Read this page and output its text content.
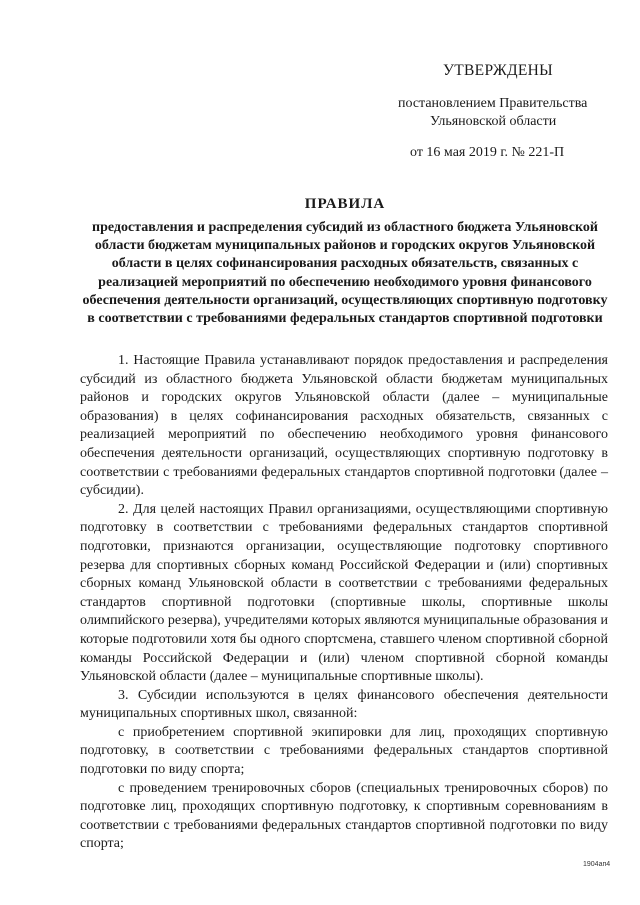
УТВЕРЖДЕНЫ
постановлением Правительства
Ульяновской области
от 16 мая 2019 г. № 221-П
ПРАВИЛА
предоставления и распределения субсидий из областного бюджета Ульяновской области бюджетам муниципальных районов и городских округов Ульяновской области в целях софинансирования расходных обязательств, связанных с реализацией мероприятий по обеспечению необходимого уровня финансового обеспечения деятельности организаций, осуществляющих спортивную подготовку в соответствии с требованиями федеральных стандартов спортивной подготовки

1. Настоящие Правила устанавливают порядок предоставления и распределения субсидий из областного бюджета Ульяновской области бюджетам муниципальных районов и городских округов Ульяновской области (далее – муниципальные образования) в целях софинансирования расходных обязательств, связанных с реализацией мероприятий по обеспечению необходимого уровня финансового обеспечения деятельности организаций, осуществляющих спортивную подготовку в соответствии с требованиями федеральных стандартов спортивной подготовки (далее – субсидии).

2. Для целей настоящих Правил организациями, осуществляющими спортивную подготовку в соответствии с требованиями федеральных стандартов спортивной подготовки, признаются организации, осуществляющие подготовку спортивного резерва для спортивных сборных команд Российской Федерации и (или) спортивных сборных команд Ульяновской области в соответствии с требованиями федеральных стандартов спортивной подготовки (спортивные школы, спортивные школы олимпийского резерва), учредителями которых являются муниципальные образования и которые подготовили хотя бы одного спортсмена, ставшего членом спортивной сборной команды Российской Федерации и (или) членом спортивной сборной команды Ульяновской области (далее – муниципальные спортивные школы).

3. Субсидии используются в целях финансового обеспечения деятельности муниципальных спортивных школ, связанной:

с приобретением спортивной экипировки для лиц, проходящих спортивную подготовку, в соответствии с требованиями федеральных стандартов спортивной подготовки по виду спорта;

с проведением тренировочных сборов (специальных тренировочных сборов) по подготовке лиц, проходящих спортивную подготовку, к спортивным соревнованиям в соответствии с требованиями федеральных стандартов спортивной подготовки по виду спорта;

1904ап4
